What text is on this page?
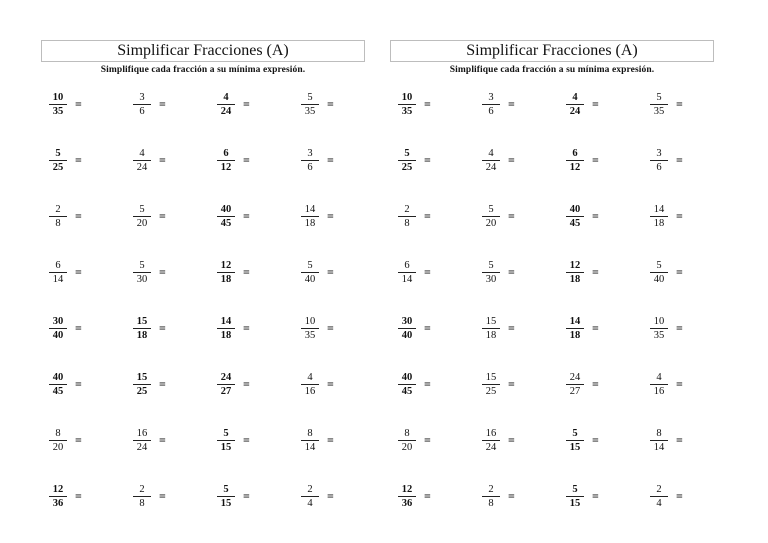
Simplificar Fracciones (A)
Simplifique cada fracción a su mínima expresión.
$\frac{10}{35}$ =	$\frac{3}{6}$ =	$\frac{4}{24}$ =	$\frac{5}{35}$ =
$\frac{5}{25}$ =	$\frac{4}{24}$ =	$\frac{6}{12}$ =	$\frac{3}{6}$ =
$\frac{2}{8}$ =	$\frac{5}{20}$ =	$\frac{40}{45}$ =	$\frac{14}{18}$ =
$\frac{6}{14}$ =	$\frac{5}{30}$ =	$\frac{12}{18}$ =	$\frac{5}{40}$ =
$\frac{30}{40}$ =	$\frac{15}{18}$ =	$\frac{14}{18}$ =	$\frac{10}{35}$ =
$\frac{40}{45}$ =	$\frac{15}{25}$ =	$\frac{24}{27}$ =	$\frac{4}{16}$ =
$\frac{8}{20}$ =	$\frac{16}{24}$ =	$\frac{5}{15}$ =	$\frac{8}{14}$ =
$\frac{12}{36}$ =	$\frac{2}{8}$ =	$\frac{5}{15}$ =	$\frac{2}{4}$ =
Simplificar Fracciones (A)
Simplifique cada fracción a su mínima expresión.
$\frac{10}{35}$ =	$\frac{3}{6}$ =	$\frac{4}{24}$ =	$\frac{5}{35}$ =
$\frac{5}{25}$ =	$\frac{4}{24}$ =	$\frac{6}{12}$ =	$\frac{3}{6}$ =
$\frac{2}{8}$ =	$\frac{5}{20}$ =	$\frac{40}{45}$ =	$\frac{14}{18}$ =
$\frac{6}{14}$ =	$\frac{5}{30}$ =	$\frac{12}{18}$ =	$\frac{5}{40}$ =
$\frac{30}{40}$ =	$\frac{15}{18}$ =	$\frac{14}{18}$ =	$\frac{10}{35}$ =
$\frac{40}{45}$ =	$\frac{15}{25}$ =	$\frac{24}{27}$ =	$\frac{4}{16}$ =
$\frac{8}{20}$ =	$\frac{16}{24}$ =	$\frac{5}{15}$ =	$\frac{8}{14}$ =
$\frac{12}{36}$ =	$\frac{2}{8}$ =	$\frac{5}{15}$ =	$\frac{2}{4}$ =
